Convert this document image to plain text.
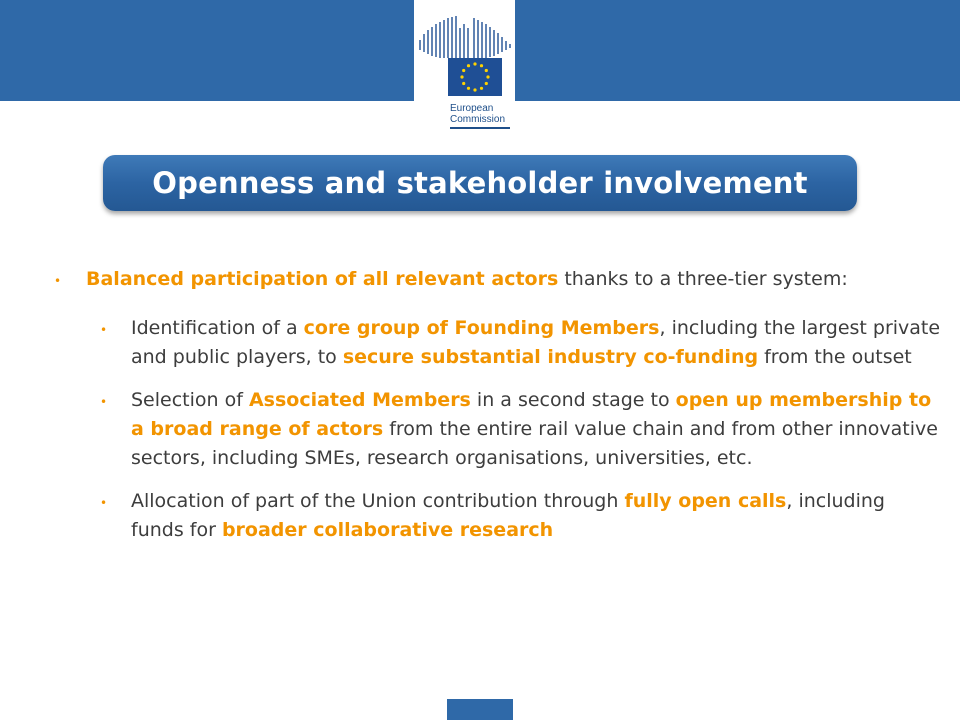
European
Commission
Openness and stakeholder involvement
• Balanced participation of all relevant actors thanks to a three-tier system:
• Identification of a core group of Founding Members, including the largest private and public players, to secure substantial industry co-funding from the outset
• Selection of Associated Members in a second stage to open up membership to a broad range of actors from the entire rail value chain and from other innovative sectors, including SMEs, research organisations, universities, etc.
• Allocation of part of the Union contribution through fully open calls, including funds for broader collaborative research
